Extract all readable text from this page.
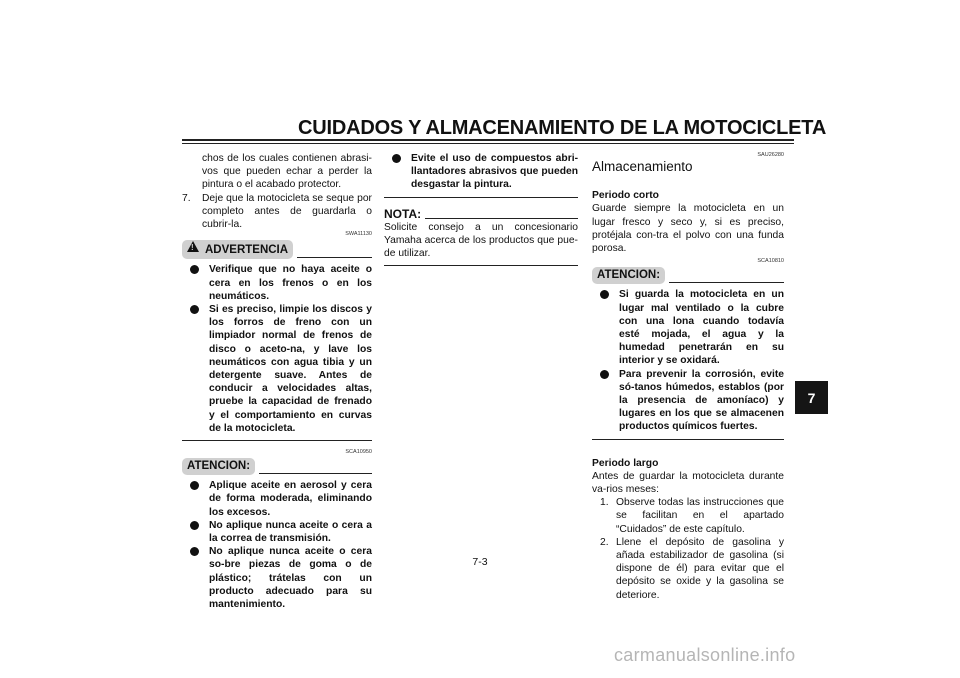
CUIDADOS Y ALMACENAMIENTO DE LA MOTOCICLETA
chos de los cuales contienen abrasi-vos que pueden echar a perder la pintura o el acabado protector.
7.	Deje que la motocicleta se seque por completo antes de guardarla o cubrir-la.
SWA11130
!ADVERTENCIA
Verifique que no haya aceite o cera en los frenos o en los neumáticos.
Si es preciso, limpie los discos y los forros de freno con un limpiador normal de frenos de disco o aceto-na, y lave los neumáticos con agua tibia y un detergente suave. Antes de conducir a velocidades altas, pruebe la capacidad de frenado y el comportamiento en curvas de la motocicleta.
SCA10950
ATENCION:
Aplique aceite en aerosol y cera de forma moderada, eliminando los excesos.
No aplique nunca aceite o cera a la correa de transmisión.
No aplique nunca aceite o cera so-bre piezas de goma o de plástico; trátelas con un producto adecuado para su mantenimiento.
Evite el uso de compuestos abri-llantadores abrasivos que pueden desgastar la pintura.
NOTA:
Solicite consejo a un concesionario Yamaha acerca de los productos que pue-de utilizar.
SAU26280
Almacenamiento
Periodo corto
Guarde siempre la motocicleta en un lugar fresco y seco y, si es preciso, protéjala con-tra el polvo con una funda porosa.
SCA10810
ATENCION:
Si guarda la motocicleta en un lugar mal ventilado o la cubre con una lona cuando todavía esté mojada, el agua y la humedad penetrarán en su interior y se oxidará.
Para prevenir la corrosión, evite só-tanos húmedos, establos (por la presencia de amoníaco) y lugares en los que se almacenen productos químicos fuertes.
Periodo largo
Antes de guardar la motocicleta durante va-rios meses:
1. Observe todas las instrucciones que se facilitan en el apartado “Cuidados” de este capítulo.
2. Llene el depósito de gasolina y añada estabilizador de gasolina (si dispone de él) para evitar que el depósito se oxide y la gasolina se deteriore.
7-3
7
carmanualsonline.info
